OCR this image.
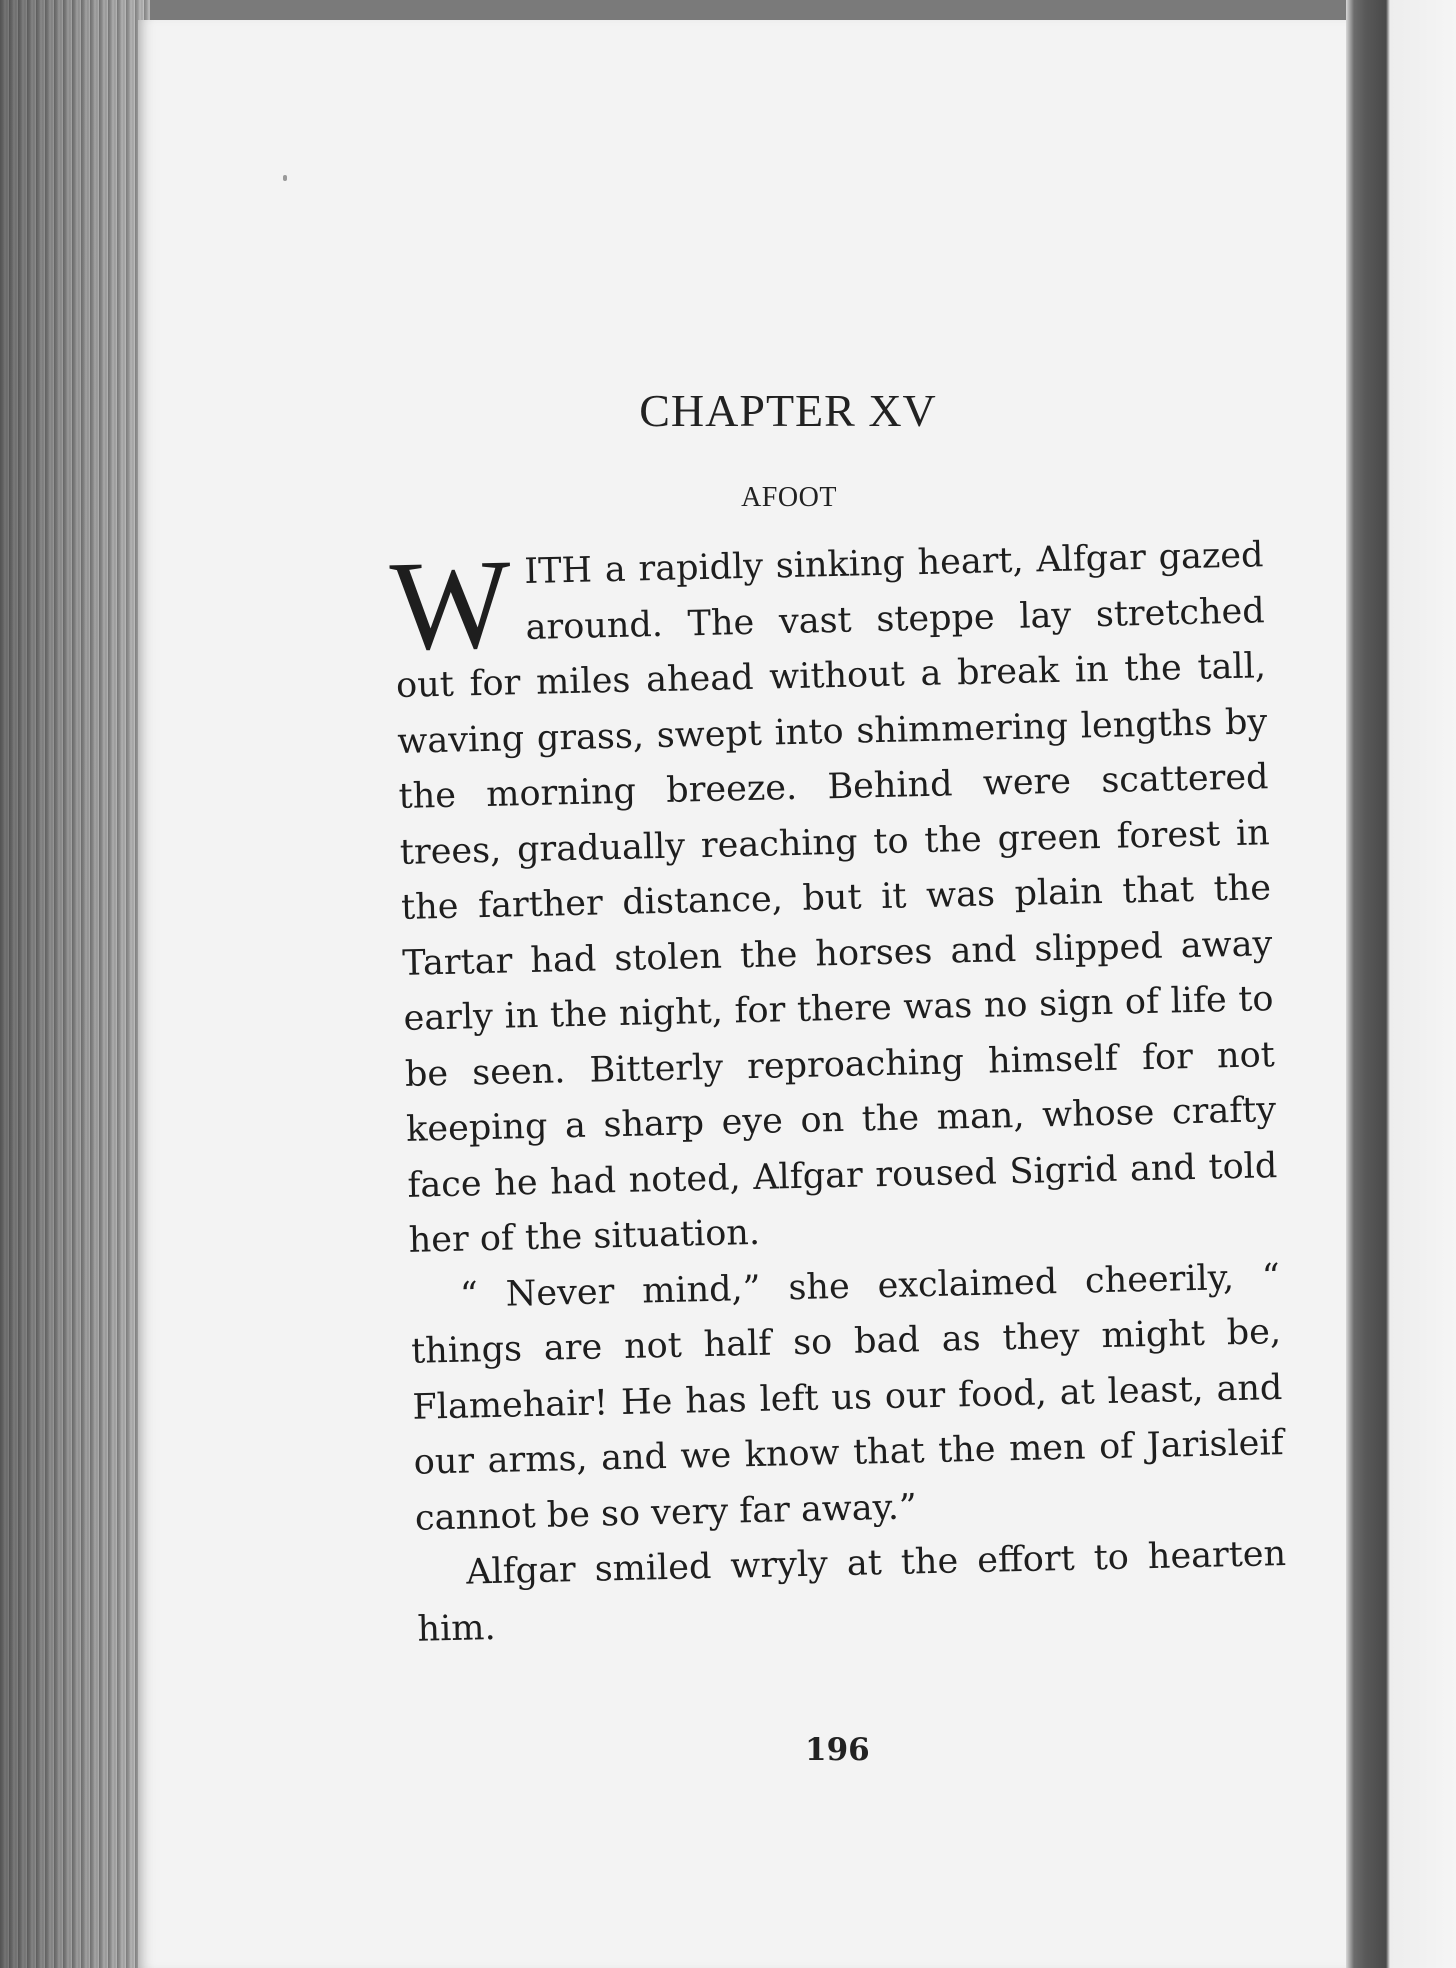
CHAPTER XV
AFOOT

WITH a rapidly sinking heart, Alfgar gazed around. The vast steppe lay stretched out for miles ahead without a break in the tall, waving grass, swept into shimmering lengths by the morning breeze. Behind were scattered trees, gradually reaching to the green forest in the farther distance, but it was plain that the Tartar had stolen the horses and slipped away early in the night, for there was no sign of life to be seen. Bitterly reproaching himself for not keeping a sharp eye on the man, whose crafty face he had noted, Alfgar roused Sigrid and told her of the situation.

“ Never mind,” she exclaimed cheerily, “ things are not half so bad as they might be, Flamehair! He has left us our food, at least, and our arms, and we know that the men of Jarisleif cannot be so very far away.”

Alfgar smiled wryly at the effort to hearten him.

196
